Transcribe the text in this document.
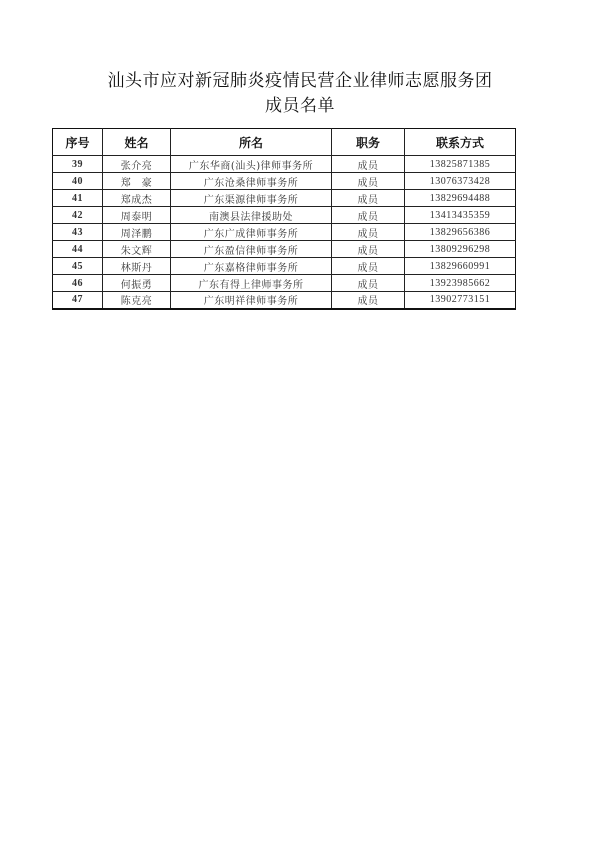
汕头市应对新冠肺炎疫情民营企业律师志愿服务团
成员名单
序号	姓名	所名	职务	联系方式
39	张介亮	广东华商(汕头)律师事务所	成员	13825871385
40	郑　豪	广东沧桑律师事务所	成员	13076373428
41	郑成杰	广东渠源律师事务所	成员	13829694488
42	周泰明	南澳县法律援助处	成员	13413435359
43	周泽鹏	广东广成律师事务所	成员	13829656386
44	朱文辉	广东盈信律师事务所	成员	13809296298
45	林斯丹	广东嘉格律师事务所	成员	13829660991
46	何振勇	广东有得上律师事务所	成员	13923985662
47	陈克亮	广东明祥律师事务所	成员	13902773151
